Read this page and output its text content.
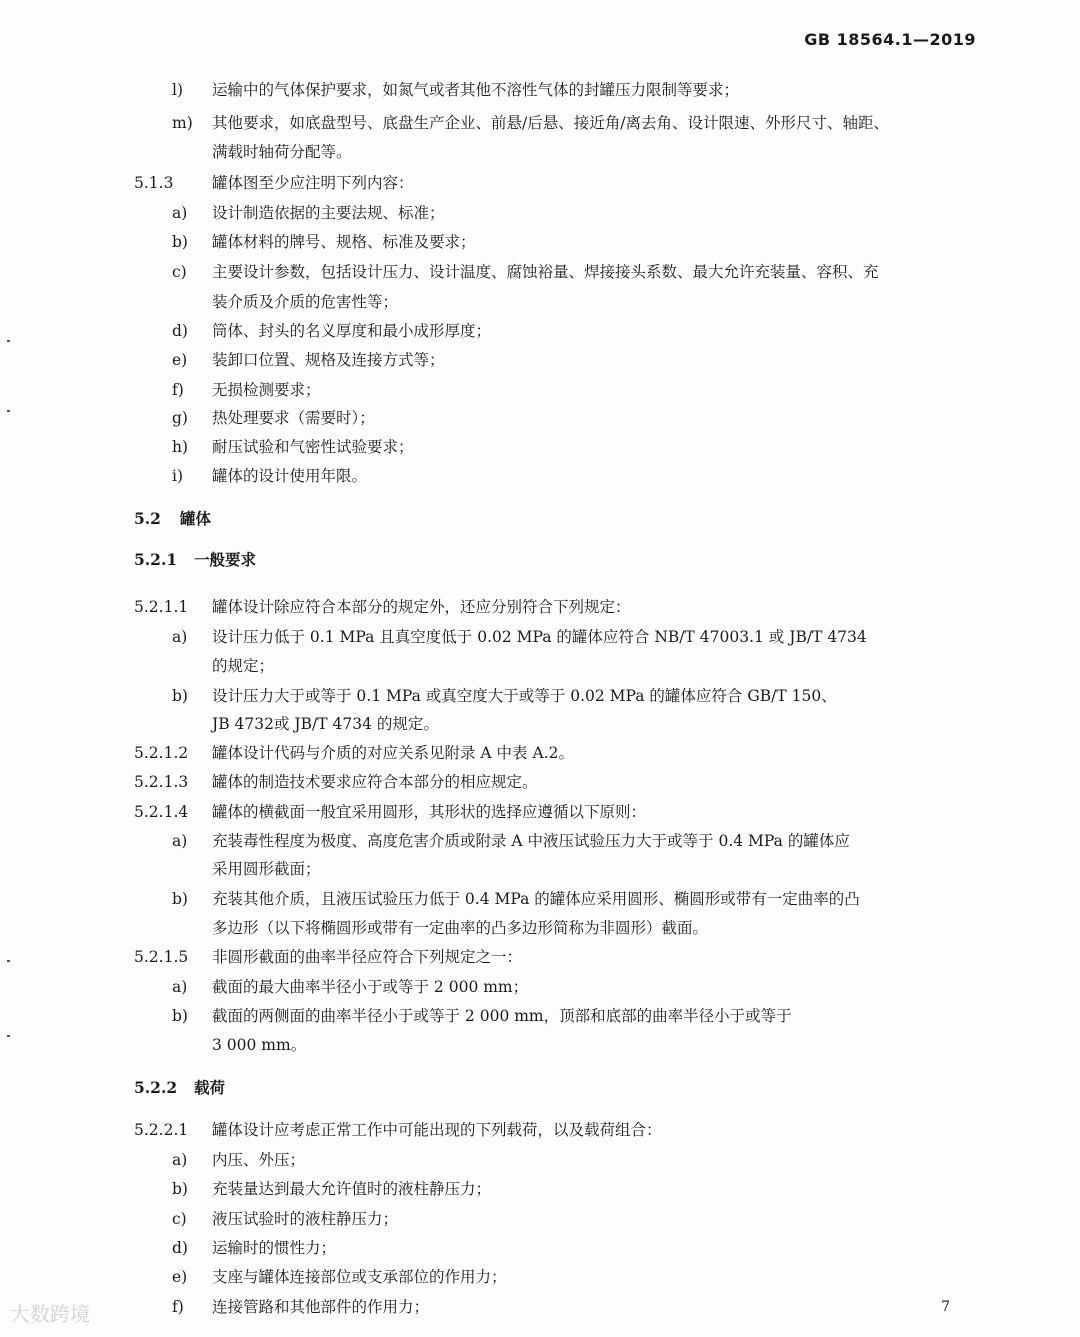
GB 18564.1—2019
l) 运输中的气体保护要求，如氮气或者其他不溶性气体的封罐压力限制等要求；
m) 其他要求，如底盘型号、底盘生产企业、前悬/后悬、接近角/离去角、设计限速、外形尺寸、轴距、
满载时轴荷分配等。
5.1.3 罐体图至少应注明下列内容：
a) 设计制造依据的主要法规、标准；
b) 罐体材料的牌号、规格、标准及要求；
c) 主要设计参数，包括设计压力、设计温度、腐蚀裕量、焊接接头系数、最大允许充装量、容积、充
装介质及介质的危害性等；
d) 筒体、封头的名义厚度和最小成形厚度；
e) 装卸口位置、规格及连接方式等；
f) 无损检测要求；
g) 热处理要求（需要时）；
h) 耐压试验和气密性试验要求；
i) 罐体的设计使用年限。
5.2 罐体
5.2.1 一般要求
5.2.1.1 罐体设计除应符合本部分的规定外，还应分别符合下列规定：
a) 设计压力低于 0.1 MPa 且真空度低于 0.02 MPa 的罐体应符合 NB/T 47003.1 或 JB/T 4734
的规定；
b) 设计压力大于或等于 0.1 MPa 或真空度大于或等于 0.02 MPa 的罐体应符合 GB/T 150、
JB 4732或 JB/T 4734 的规定。
5.2.1.2 罐体设计代码与介质的对应关系见附录 A 中表 A.2。
5.2.1.3 罐体的制造技术要求应符合本部分的相应规定。
5.2.1.4 罐体的横截面一般宜采用圆形，其形状的选择应遵循以下原则：
a) 充装毒性程度为极度、高度危害介质或附录 A 中液压试验压力大于或等于 0.4 MPa 的罐体应
采用圆形截面；
b) 充装其他介质，且液压试验压力低于 0.4 MPa 的罐体应采用圆形、椭圆形或带有一定曲率的凸
多边形（以下将椭圆形或带有一定曲率的凸多边形简称为非圆形）截面。
5.2.1.5 非圆形截面的曲率半径应符合下列规定之一：
a) 截面的最大曲率半径小于或等于 2 000 mm；
b) 截面的两侧面的曲率半径小于或等于 2 000 mm，顶部和底部的曲率半径小于或等于
3 000 mm。
5.2.2 载荷
5.2.2.1 罐体设计应考虑正常工作中可能出现的下列载荷，以及载荷组合：
a) 内压、外压；
b) 充装量达到最大允许值时的液柱静压力；
c) 液压试验时的液柱静压力；
d) 运输时的惯性力；
e) 支座与罐体连接部位或支承部位的作用力；
f) 连接管路和其他部件的作用力；	7
大数跨境
